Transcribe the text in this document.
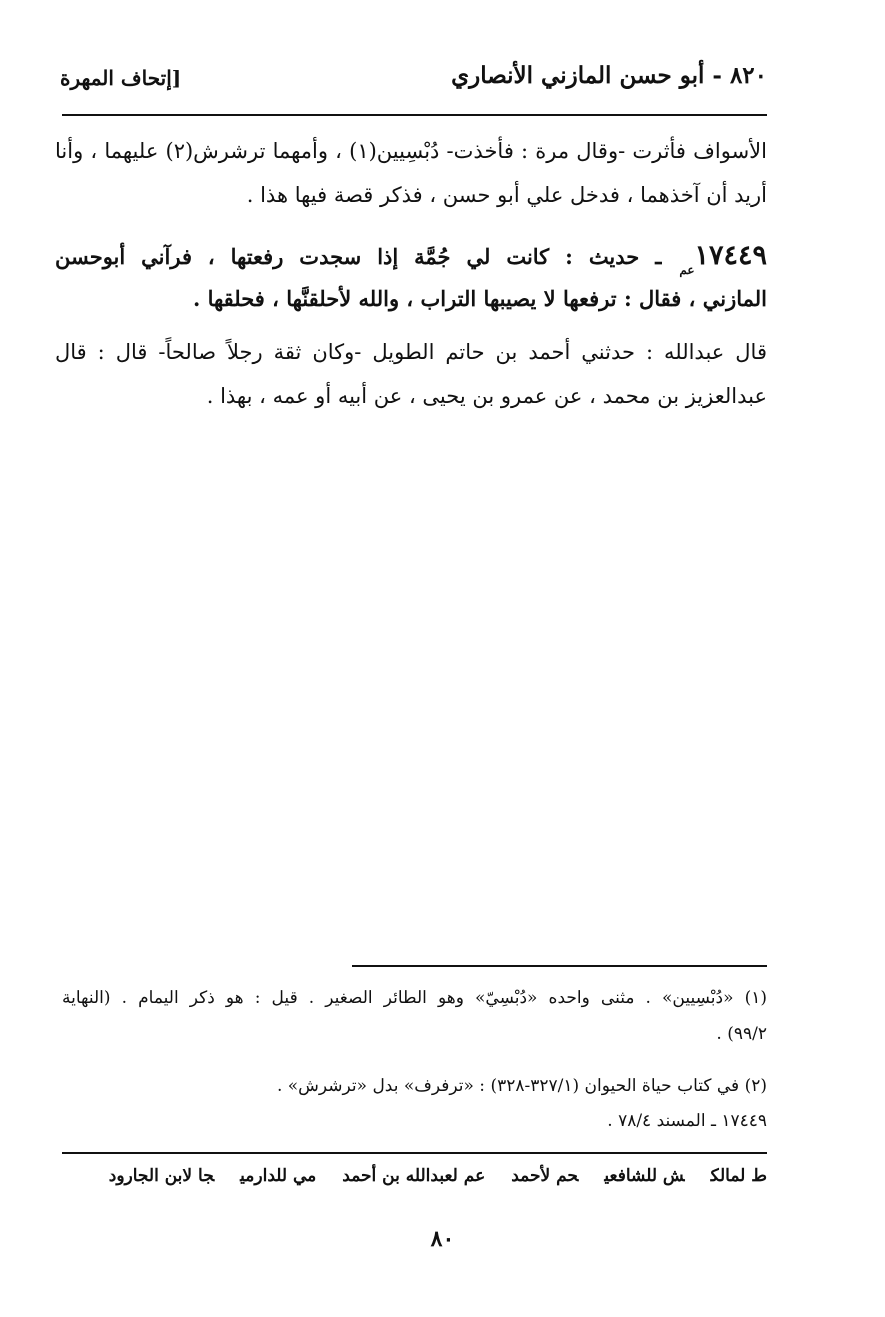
٨٢٠ - أبو حسن المازني الأنصاري
[إتحاف المهرة
الأسواف فأثرت -وقال مرة : فأخذت- دُبْسِيين(١) ، وأمهما ترشرش(٢) عليهما ، وأنا
أريد أن آخذهما ، فدخل علي أبو حسن ، فذكر قصة فيها هذا .
$١٧٤٤٩_{عم}$ ـ حديث : كانت لي جُمَّة إذا سجدت رفعتها ، فرآني أبوحسن
المازني ، فقال : ترفعها لا يصيبها التراب ، والله لأحلقنَّها ، فحلقها .
قال عبدالله : حدثني أحمد بن حاتم الطويل -وكان ثقة رجلاً صالحاً- قال : قال
عبدالعزيز بن محمد ، عن عمرو بن يحيى ، عن أبيه أو عمه ، بهذا .
(١) «دُبْسِيين» . مثنى واحده «دُبْسِيّ» وهو الطائر الصغير . قيل : هو ذكر اليمام . (النهاية
٩٩/٢) .
(٢) في كتاب حياة الحيوان (٣٢٧/١-٣٢٨) : «ترفرف» بدل «ترشرش» .
١٧٤٤٩ ـ المسند ٧٨/٤ .
ط لمالكش للشافعيحم لأحمدعم لعبدالله بن أحمدمي للدارميجا لابن الجارود
٨٠
